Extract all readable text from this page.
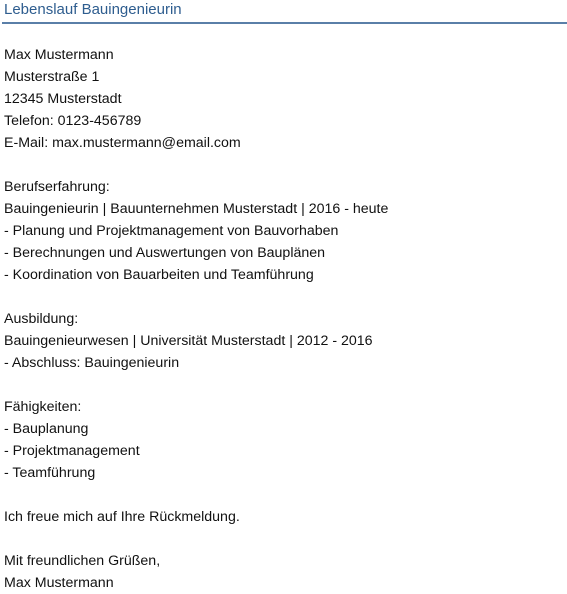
Lebenslauf Bauingenieurin
Max Mustermann
Musterstraße 1
12345 Musterstadt
Telefon: 0123-456789
E-Mail: max.mustermann@email.com
Berufserfahrung:
Bauingenieurin | Bauunternehmen Musterstadt | 2016 - heute
- Planung und Projektmanagement von Bauvorhaben
- Berechnungen und Auswertungen von Bauplänen
- Koordination von Bauarbeiten und Teamführung
Ausbildung:
Bauingenieurwesen | Universität Musterstadt | 2012 - 2016
- Abschluss: Bauingenieurin
Fähigkeiten:
- Bauplanung
- Projektmanagement
- Teamführung
Ich freue mich auf Ihre Rückmeldung.
Mit freundlichen Grüßen,
Max Mustermann
